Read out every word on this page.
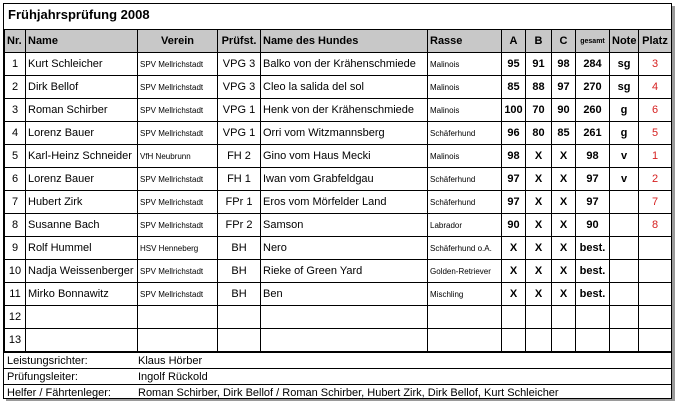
Frühjahrsprüfung 2008
Nr.	Name	Verein	Prüfst.	Name des Hundes	Rasse	A	B	C	gesamt	Note	Platz
1	Kurt Schleicher	SPV Mellrichstadt	VPG 3	Balko von der Krähenschmiede	Malinois	95	91	98	284	sg	3
2	Dirk Bellof	SPV Mellrichstadt	VPG 3	Cleo la salida del sol	Malinois	85	88	97	270	sg	4
3	Roman Schirber	SPV Mellrichstadt	VPG 1	Henk von der Krähenschmiede	Malinois	100	70	90	260	g	6
4	Lorenz Bauer	SPV Mellrichstadt	VPG 1	Orri vom Witzmannsberg	Schäferhund	96	80	85	261	g	5
5	Karl-Heinz Schneider	VfH Neubrunn	FH 2	Gino vom Haus Mecki	Malinois	98	X	X	98	v	1
6	Lorenz Bauer	SPV Mellrichstadt	FH 1	Iwan vom Grabfeldgau	Schäferhund	97	X	X	97	v	2
7	Hubert Zirk	SPV Mellrichstadt	FPr 1	Eros vom Mörfelder Land	Schäferhund	97	X	X	97		7
8	Susanne Bach	SPV Mellrichstadt	FPr 2	Samson	Labrador	90	X	X	90		8
9	Rolf Hummel	HSV Henneberg	BH	Nero	Schäferhund o.A.	X	X	X	best.		
10	Nadja Weissenberger	SPV Mellrichstadt	BH	Rieke of Green Yard	Golden-Retriever	X	X	X	best.		
11	Mirko Bonnawitz	SPV Mellrichstadt	BH	Ben	Mischling	X	X	X	best.		
12											
13											
Leistungsrichter:	Klaus Hörber
Prüfungsleiter:	Ingolf Rückold
Helfer / Fährtenleger: Roman Schirber, Dirk Bellof / Roman Schirber, Hubert Zirk, Dirk Bellof, Kurt Schleicher
